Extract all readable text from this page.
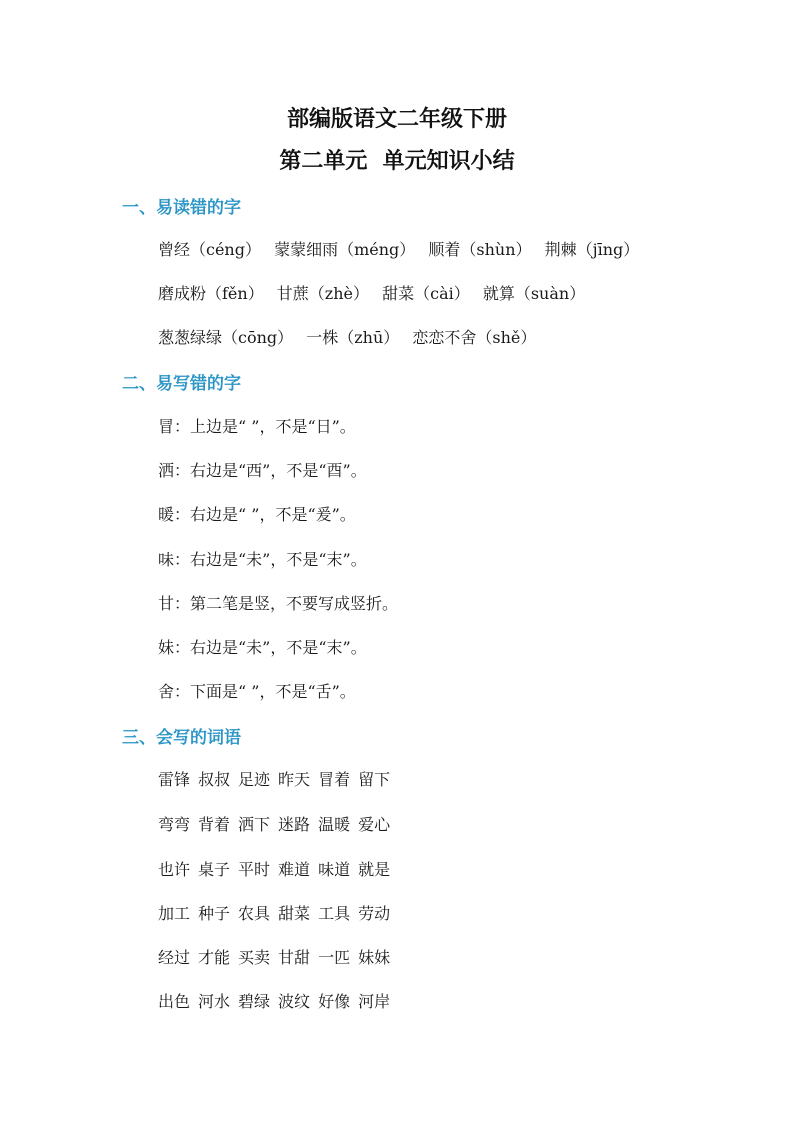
部编版语文二年级下册
第二单元  单元知识小结
一、易读错的字
曾经（céng） 蒙蒙细雨（méng） 顺着（shùn） 荆棘（jīng）
磨成粉（fěn） 甘蔗（zhè） 甜菜（cài） 就算（suàn）
葱葱绿绿（cōng） 一株（zhū） 恋恋不舍（shě）
二、易写错的字
冒：上边是“ ”，不是“日”。
洒：右边是“西”，不是“酉”。
暖：右边是“ ”，不是“爰”。
味：右边是“未”，不是“末”。
甘：第二笔是竖，不要写成竖折。
妹：右边是“未”，不是“末”。
舍：下面是“ ”，不是“舌”。
三、会写的词语
雷锋 叔叔 足迹 昨天 冒着 留下
弯弯 背着 洒下 迷路 温暖 爱心
也许 桌子 平时 难道 味道 就是
加工 种子 农具 甜菜 工具 劳动
经过 才能 买卖 甘甜 一匹 妹妹
出色 河水 碧绿 波纹 好像 河岸
